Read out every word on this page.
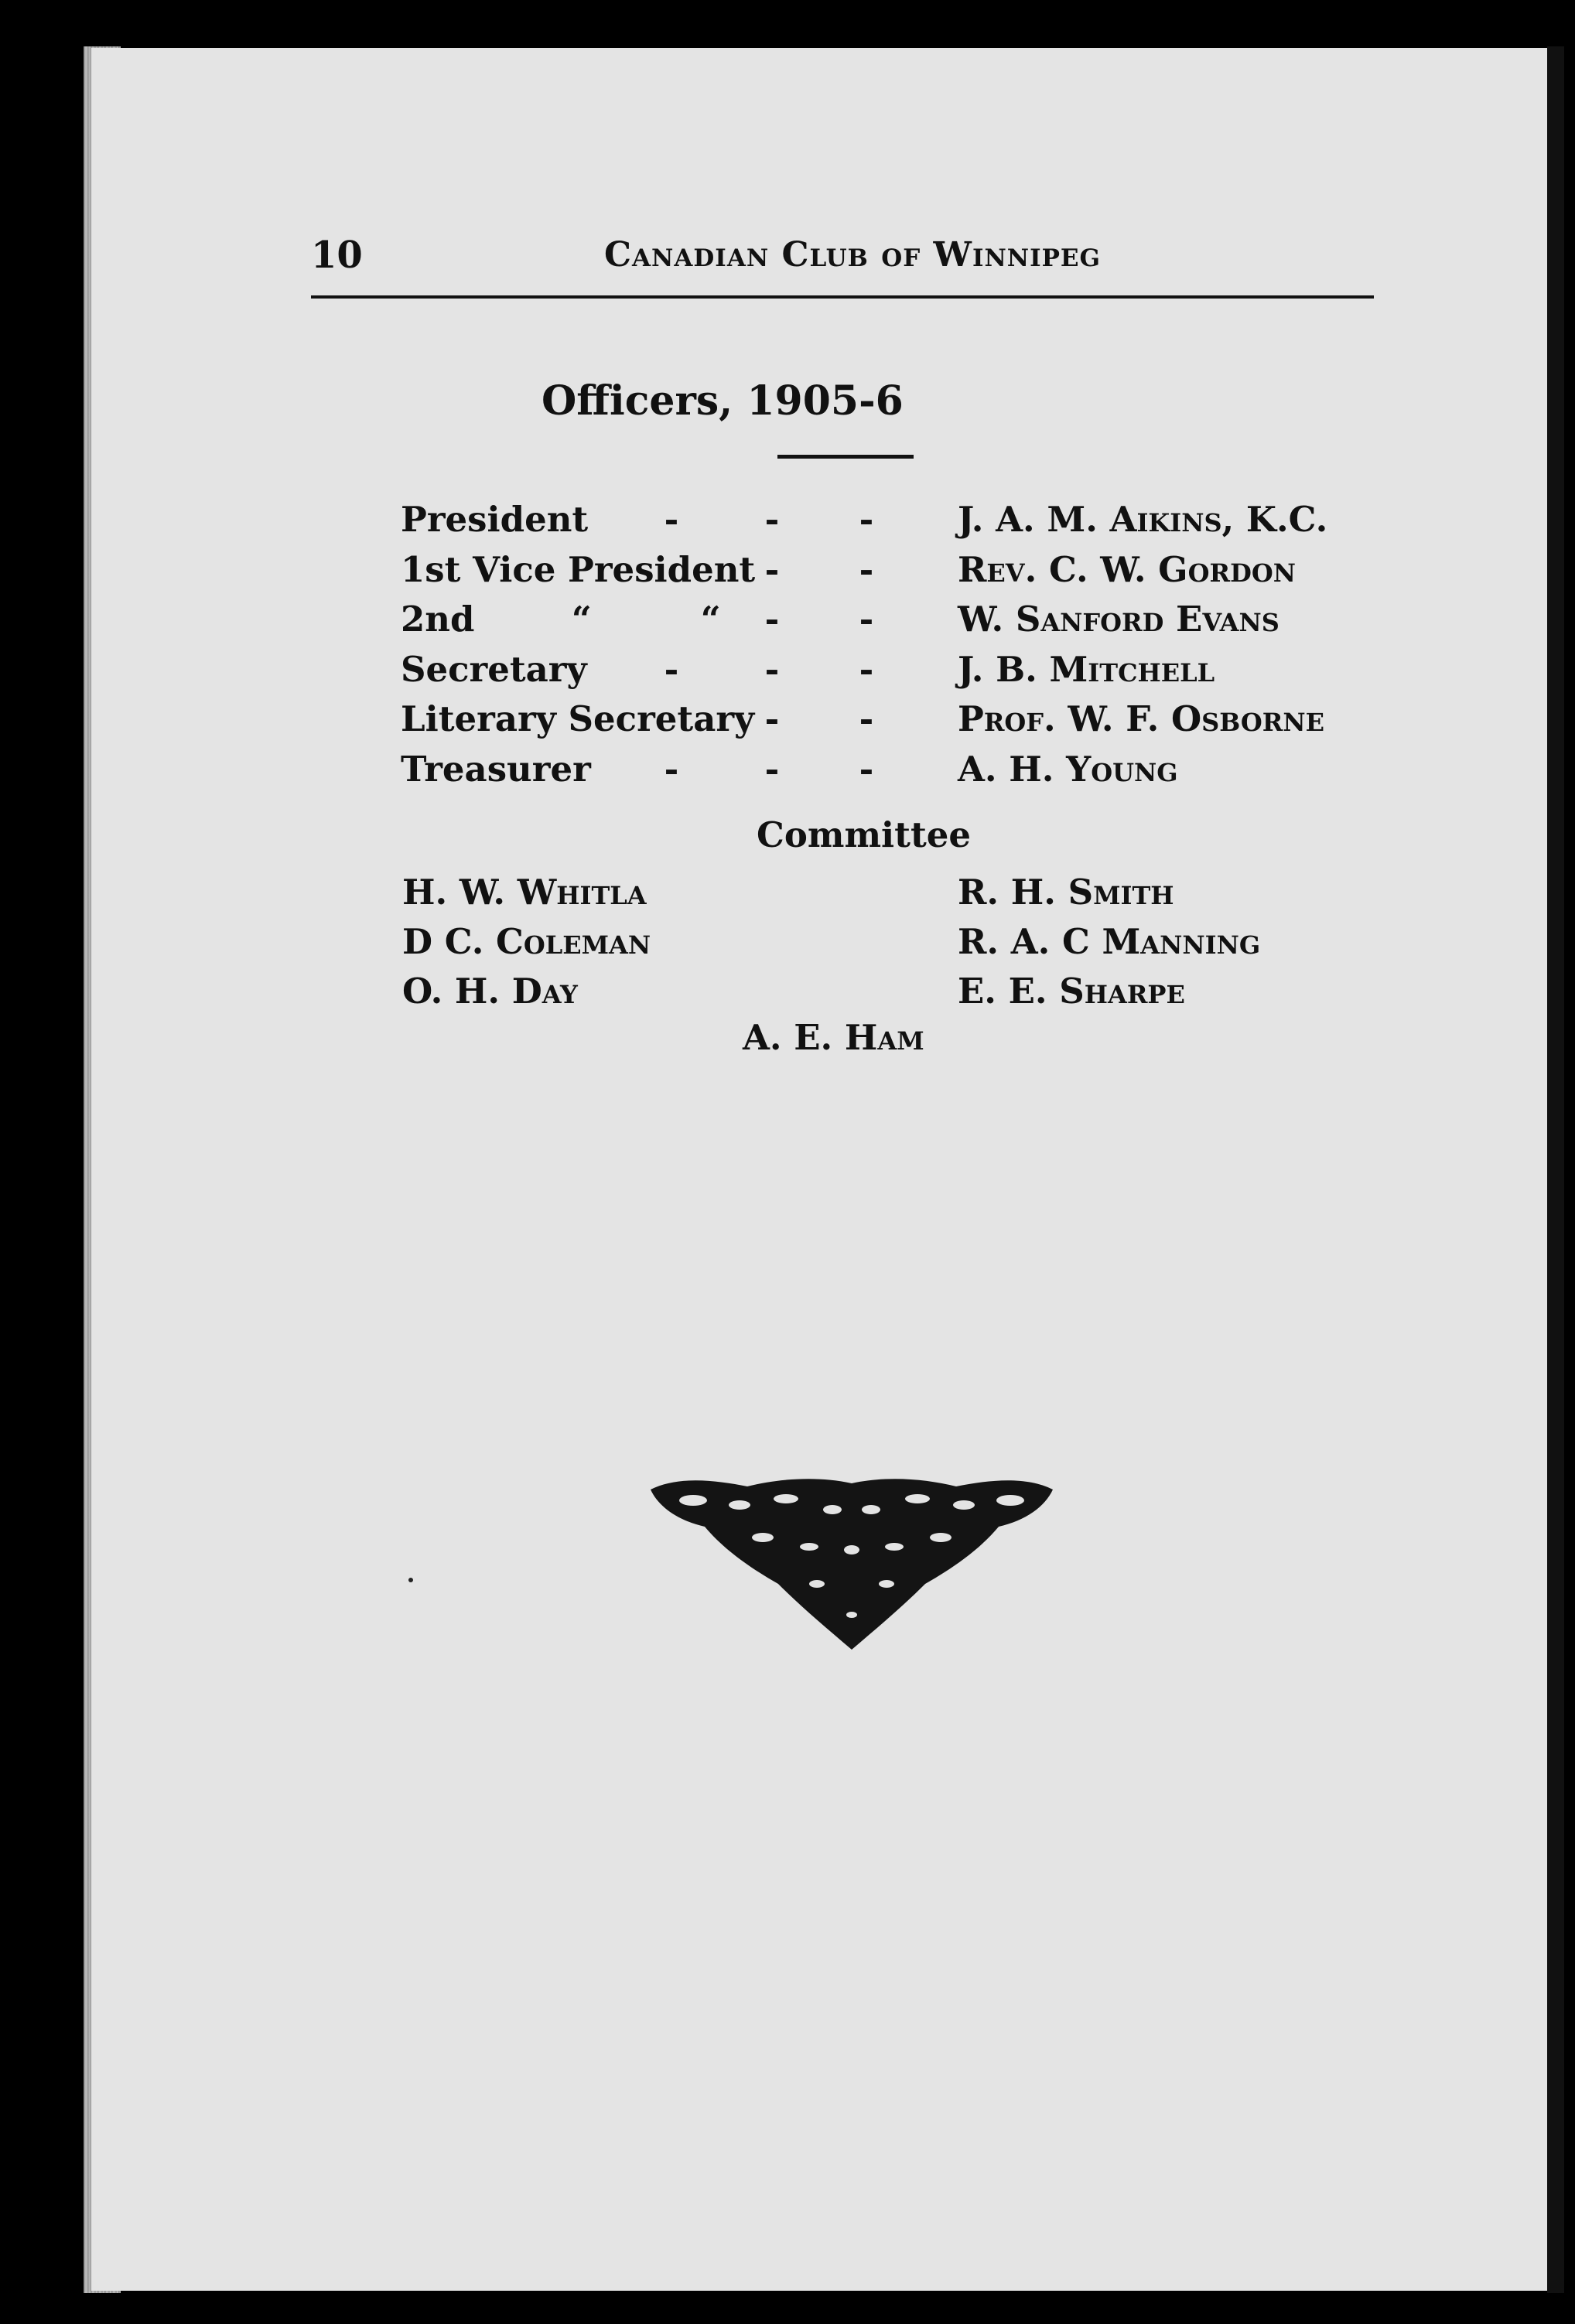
10	Canadian Club of Winnipeg
Officers, 1905-6
President - - - J. A. M. Aikins, K.C.
1st Vice President - - Rev. C. W. Gordon
2nd        “         “ - - W. Sanford Evans
Secretary - - - J. B. Mitchell
Literary Secretary - - Prof. W. F. Osborne
Treasurer - - - A. H. Young
Committee
H. W. Whitla	R. H. Smith
D C. Coleman	R. A. C Manning
O. H. Day	E. E. Sharpe
A. E. Ham
